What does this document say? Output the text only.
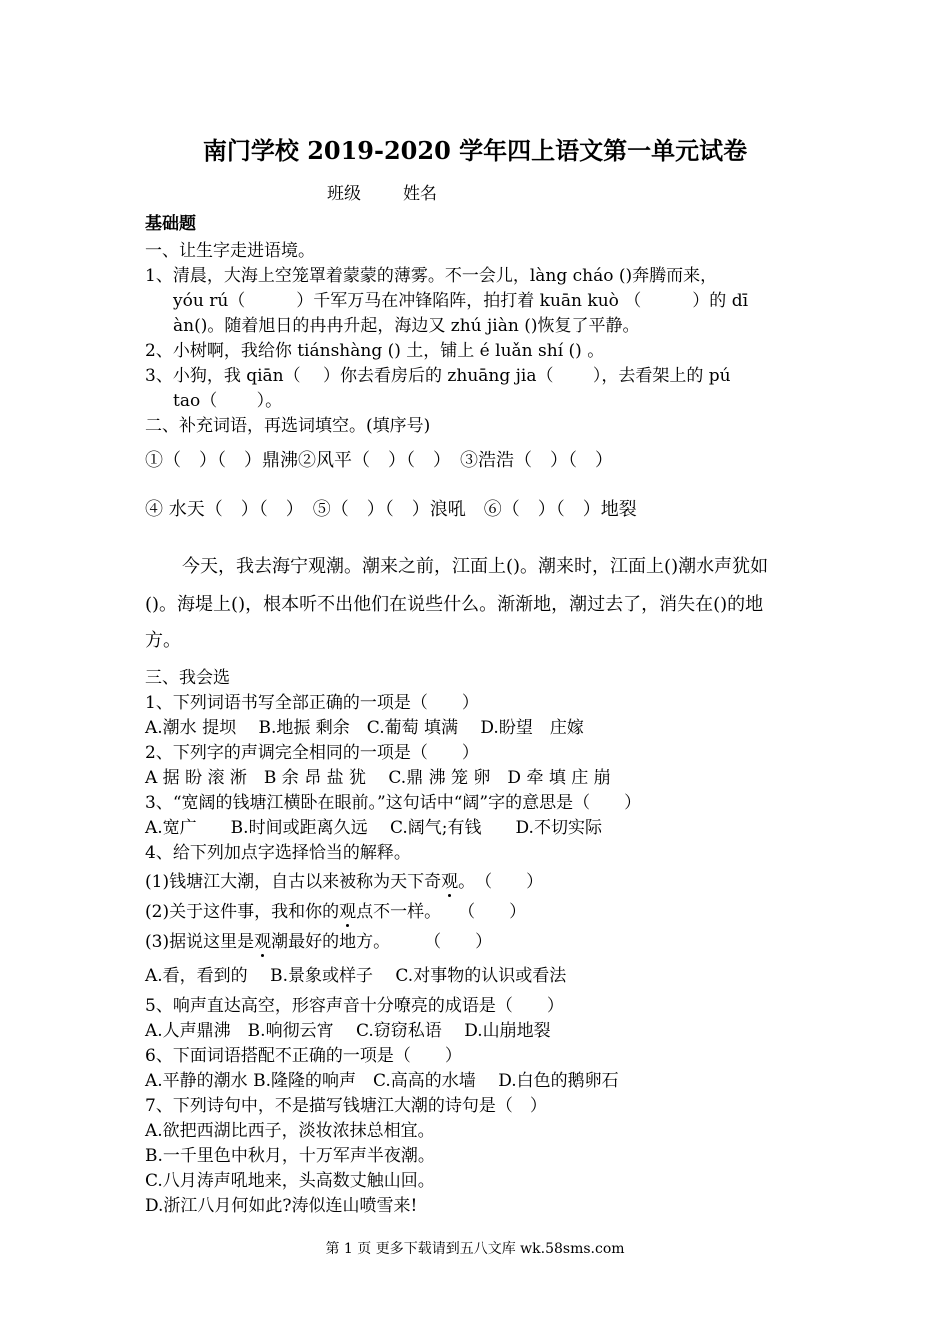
南门学校 2019-2020 学年四上语文第一单元试卷
班级 姓名
基础题
一、让生字走进语境。
1、清晨，大海上空笼罩着蒙蒙的薄雾。不一会儿，làng cháo ()奔腾而来，
yóu rú（　　　）千军万马在冲锋陷阵，拍打着 kuān kuò （　　　）的 dī
àn()。随着旭日的冉冉升起，海边又 zhú jiàn ()恢复了平静。
2、小树啊，我给你 tiánshàng () 土，铺上 é luǎn shí () 。
3、小狗，我 qiān（　 ）你去看房后的 zhuāng jia（　　 ），去看架上的 pú
tao（　　 ）。
二、补充词语，再选词填空。(填序号)
①（　）（　）鼎沸②风平（　）（　）　③浩浩（　）（　）
④ 水天（　）（　）　⑤（　）（　）浪吼　⑥（　）（　）地裂
今天，我去海宁观潮。潮来之前，江面上()。潮来时，江面上()潮水声犹如
()。海堤上()，根本听不出他们在说些什么。渐渐地，潮过去了，消失在()的地
方。
三、我会选
1、下列词语书写全部正确的一项是（　　）
A.潮水 提坝　 B.地振 剩余　C.葡萄 填满　 D.盼望　庄嫁
2、下列字的声调完全相同的一项是（　　）
A 据 盼 滚 淅　B 余 昂 盐 犹　 C.鼎 沸 笼 卵　D 牵 填 庄 崩
3、“宽阔的钱塘江横卧在眼前。”这句话中“阔”字的意思是（　　）
A.宽广　　B.时间或距离久远　 C.阔气;有钱　　D.不切实际
4、给下列加点字选择恰当的解释。
(1)钱塘江大潮，自古以来被称为天下奇观。　（　　）
(2)关于这件事，我和你的观点不一样。　　（　　）
(3)据说这里是观潮最好的地方。　　　（　　）
A.看，看到的　 B.景象或样子　 C.对事物的认识或看法
5、响声直达高空，形容声音十分嘹亮的成语是（　　）
A.人声鼎沸　B.响彻云宵　 C.窃窃私语　 D.山崩地裂
6、下面词语搭配不正确的一项是（　　）
A.平静的潮水 B.隆隆的响声　C.高高的水墙　 D.白色的鹅卵石
7、下列诗句中，不是描写钱塘江大潮的诗句是（　）
A.欲把西湖比西子，淡妆浓抹总相宜。
B.一千里色中秋月，十万军声半夜潮。
C.八月涛声吼地来，头高数丈触山回。
D.浙江八月何如此?涛似连山喷雪来!
第 1 页 更多下载请到五八文库 wk.58sms.com
